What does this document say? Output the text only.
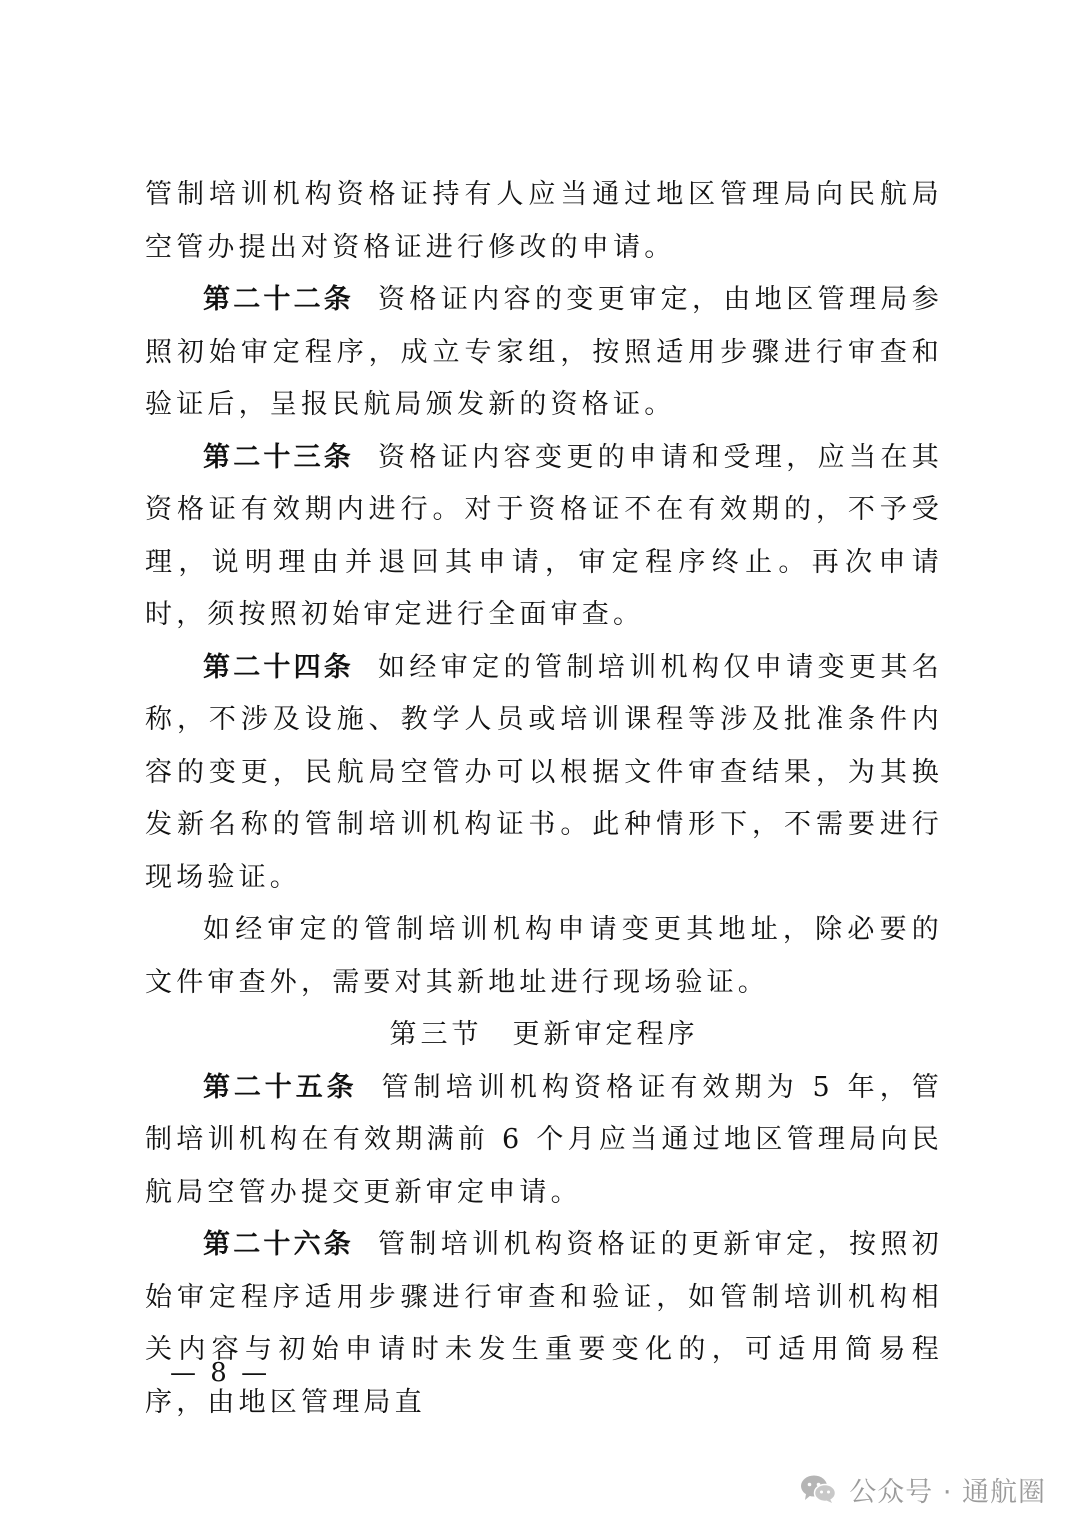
管制培训机构资格证持有人应当通过地区管理局向民航局空管办提出对资格证进行修改的申请。

第二十二条 资格证内容的变更审定，由地区管理局参照初始审定程序，成立专家组，按照适用步骤进行审查和验证后，呈报民航局颁发新的资格证。

第二十三条 资格证内容变更的申请和受理，应当在其资格证有效期内进行。对于资格证不在有效期的，不予受理，说明理由并退回其申请，审定程序终止。再次申请时，须按照初始审定进行全面审查。

第二十四条 如经审定的管制培训机构仅申请变更其名称，不涉及设施、教学人员或培训课程等涉及批准条件内容的变更，民航局空管办可以根据文件审查结果，为其换发新名称的管制培训机构证书。此种情形下，不需要进行现场验证。

如经审定的管制培训机构申请变更其地址，除必要的文件审查外，需要对其新地址进行现场验证。

第三节 更新审定程序

第二十五条 管制培训机构资格证有效期为 5 年，管制培训机构在有效期满前 6 个月应当通过地区管理局向民航局空管办提交更新审定申请。

第二十六条 管制培训机构资格证的更新审定，按照初始审定程序适用步骤进行审查和验证，如管制培训机构相关内容与初始申请时未发生重要变化的，可适用简易程序，由地区管理局直

— 8 —
公众号 · 通航圈
